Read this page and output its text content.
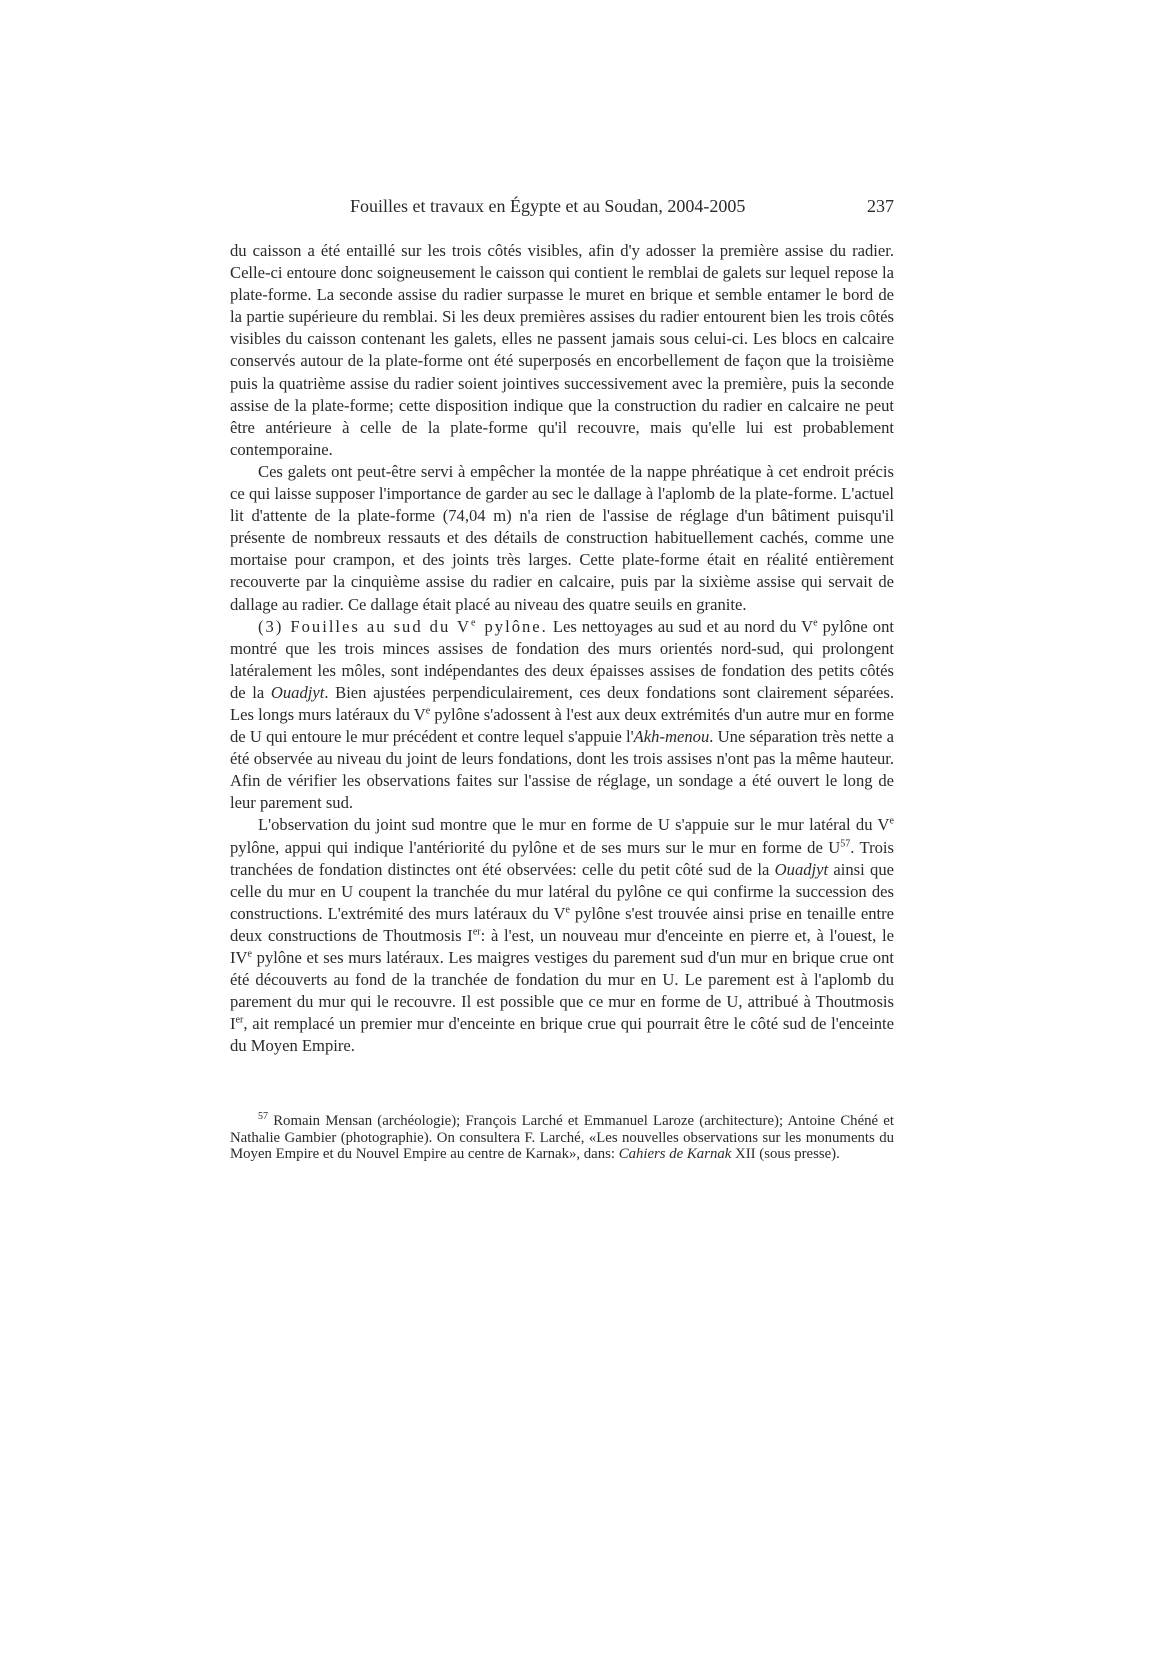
Fouilles et travaux en Égypte et au Soudan, 2004-2005	237

du caisson a été entaillé sur les trois côtés visibles, afin d'y adosser la première assise du radier. Celle-ci entoure donc soigneusement le caisson qui contient le remblai de galets sur lequel repose la plate-forme. La seconde assise du radier surpasse le muret en brique et semble entamer le bord de la partie supérieure du remblai. Si les deux premières assises du radier entourent bien les trois côtés visibles du caisson contenant les galets, elles ne passent jamais sous celui-ci. Les blocs en calcaire conservés autour de la plate-forme ont été superposés en encorbellement de façon que la troisième puis la quatrième assise du radier soient jointives successivement avec la première, puis la seconde assise de la plate-forme; cette disposition indique que la construction du radier en calcaire ne peut être antérieure à celle de la plate-forme qu'il recouvre, mais qu'elle lui est probablement contemporaine.

Ces galets ont peut-être servi à empêcher la montée de la nappe phréatique à cet endroit précis ce qui laisse supposer l'importance de garder au sec le dallage à l'aplomb de la plate-forme. L'actuel lit d'attente de la plate-forme (74,04 m) n'a rien de l'assise de réglage d'un bâtiment puisqu'il présente de nombreux ressauts et des détails de construction habituellement cachés, comme une mortaise pour crampon, et des joints très larges. Cette plate-forme était en réalité entièrement recouverte par la cinquième assise du radier en calcaire, puis par la sixième assise qui servait de dallage au radier. Ce dallage était placé au niveau des quatre seuils en granite.

(3) Fouilles au sud du Ve pylône. Les nettoyages au sud et au nord du Ve pylône ont montré que les trois minces assises de fondation des murs orientés nord-sud, qui prolongent latéralement les môles, sont indépendantes des deux épaisses assises de fondation des petits côtés de la Ouadjyt. Bien ajustées perpendiculairement, ces deux fondations sont clairement séparées. Les longs murs latéraux du Ve pylône s'adossent à l'est aux deux extrémités d'un autre mur en forme de U qui entoure le mur précédent et contre lequel s'appuie l'Akh-menou. Une séparation très nette a été observée au niveau du joint de leurs fondations, dont les trois assises n'ont pas la même hauteur. Afin de vérifier les observations faites sur l'assise de réglage, un sondage a été ouvert le long de leur parement sud.

L'observation du joint sud montre que le mur en forme de U s'appuie sur le mur latéral du Ve pylône, appui qui indique l'antériorité du pylône et de ses murs sur le mur en forme de $U^{57}$. Trois tranchées de fondation distinctes ont été observées: celle du petit côté sud de la Ouadjyt ainsi que celle du mur en U coupent la tranchée du mur latéral du pylône ce qui confirme la succession des constructions. L'extrémité des murs latéraux du Ve pylône s'est trouvée ainsi prise en tenaille entre deux constructions de Thoutmosis Ier: à l'est, un nouveau mur d'enceinte en pierre et, à l'ouest, le IVe pylône et ses murs latéraux. Les maigres vestiges du parement sud d'un mur en brique crue ont été découverts au fond de la tranchée de fondation du mur en U. Le parement est à l'aplomb du parement du mur qui le recouvre. Il est possible que ce mur en forme de U, attribué à Thoutmosis Ier, ait remplacé un premier mur d'enceinte en brique crue qui pourrait être le côté sud de l'enceinte du Moyen Empire.

$^{57}$ Romain Mensan (archéologie); François Larché et Emmanuel Laroze (architecture); Antoine Chéné et Nathalie Gambier (photographie). On consultera F. Larché, «Les nouvelles observations sur les monuments du Moyen Empire et du Nouvel Empire au centre de Karnak», dans: Cahiers de Karnak XII (sous presse).
